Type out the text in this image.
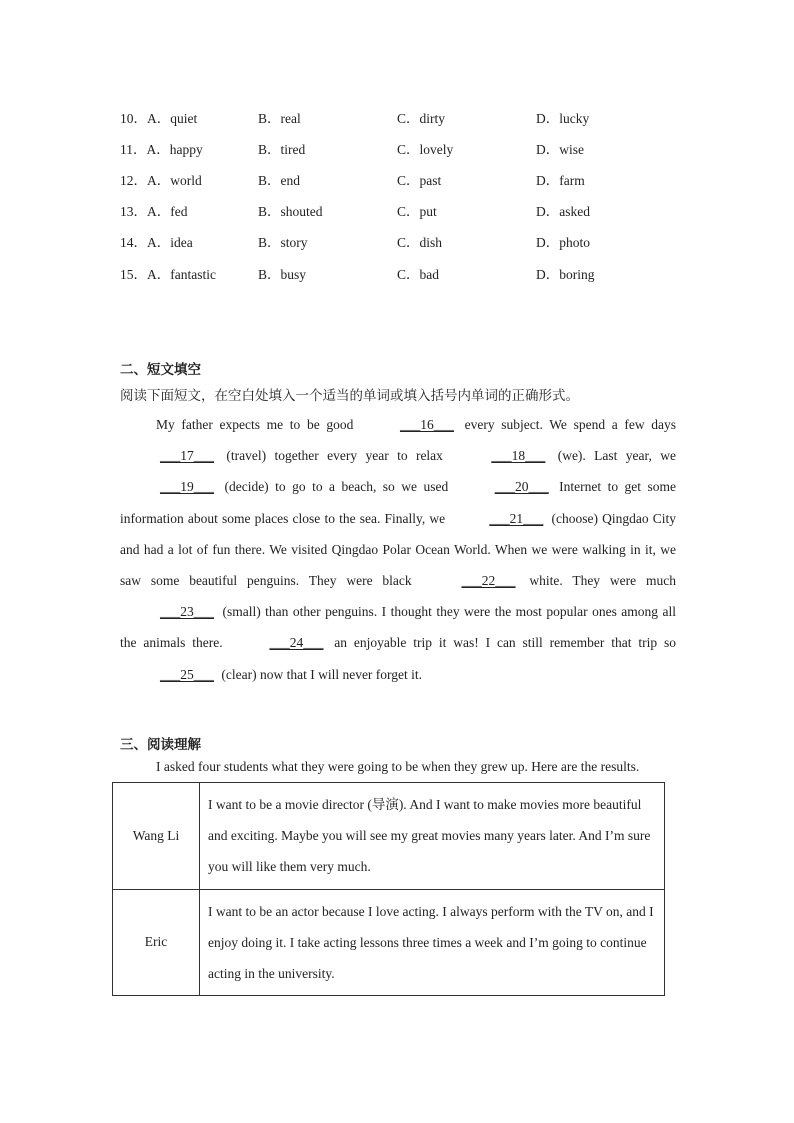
10．A．quiet	B．real	C．dirty	D．lucky
11．A．happy	B．tired	C．lovely	D．wise
12．A．world	B．end	C．past	D．farm
13．A．fed	B．shouted	C．put	D．asked
14．A．idea	B．story	C．dish	D．photo
15．A．fantastic	B．busy	C．bad	D．boring
二、短文填空
阅读下面短文，在空白处填入一个适当的单词或填入括号内单词的正确形式。

My father expects me to be good	___16___ every subject. We spend a few days ___17___ (travel) together every year to relax	___18___ (we). Last year, we ___19___ (decide) to go to a beach, so we used	___20___ Internet to get some information about some places close to the sea. Finally, we	___21___ (choose) Qingdao City and had a lot of fun there. We visited Qingdao Polar Ocean World. When we were walking in it, we saw some beautiful penguins. They were black	___22___ white. They were much ___23___ (small) than other penguins. I thought they were the most popular ones among all the animals there.	___24___ an enjoyable trip it was! I can still remember that trip so ___25___ (clear) now that I will never forget it.

三、阅读理解
I asked four students what they were going to be when they grew up. Here are the results.
Wang Li	I want to be a movie director (导演). And I want to make movies more beautiful and exciting. Maybe you will see my great movies many years later. And I’m sure you will like them very much.
Eric	I want to be an actor because I love acting. I always perform with the TV on, and I enjoy doing it. I take acting lessons three times a week and I’m going to continue acting in the university.
